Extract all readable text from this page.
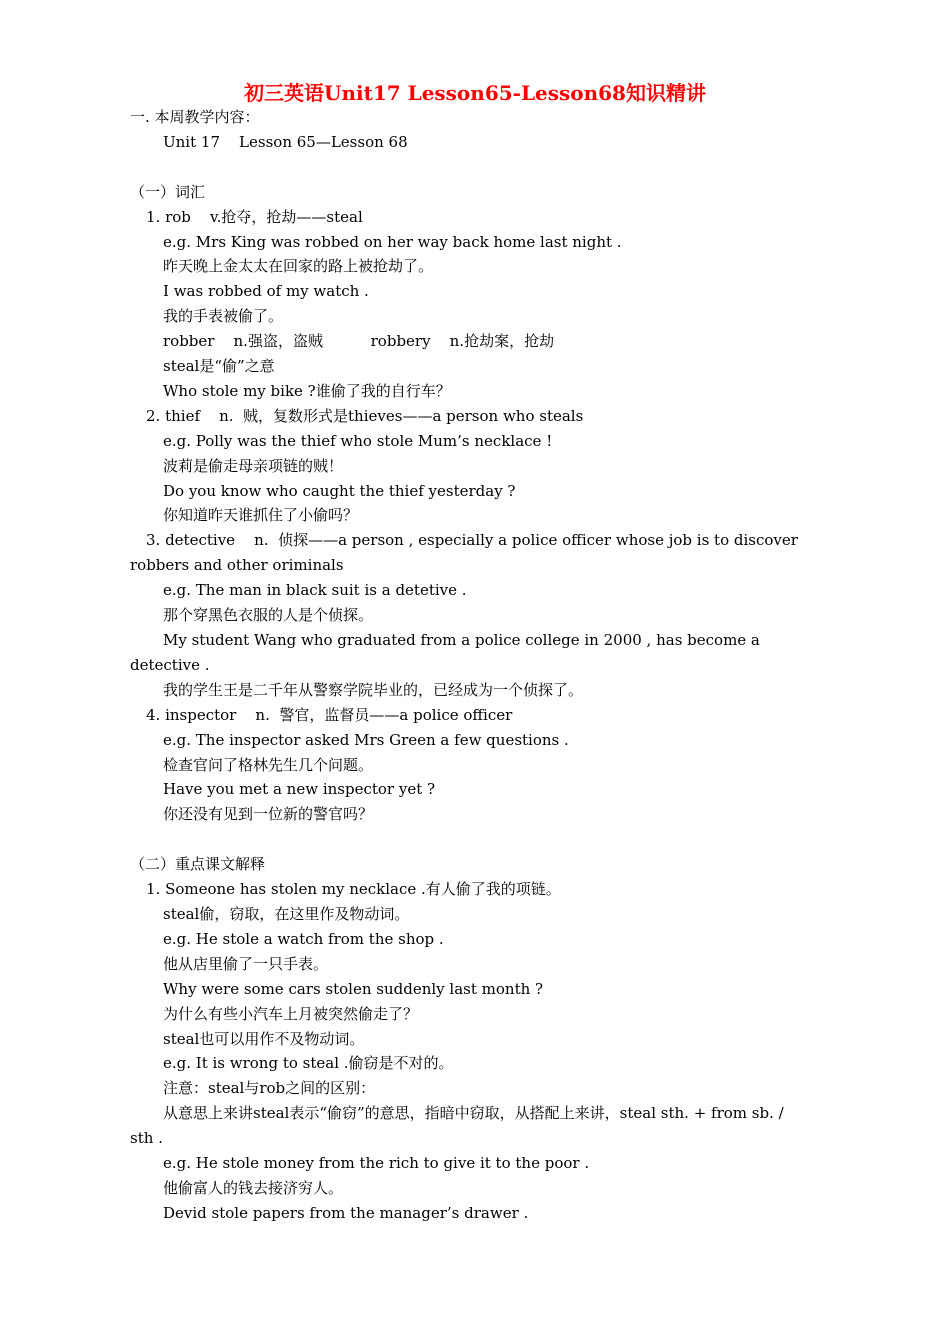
初三英语Unit17 Lesson65-Lesson68知识精讲
一. 本周教学内容：
Unit 17    Lesson 65—Lesson 68
（一）词汇
1. rob    v.抢夺，抢劫——steal
e.g. Mrs King was robbed on her way back home last night .
昨天晚上金太太在回家的路上被抢劫了。
I was robbed of my watch .
我的手表被偷了。
robber    n.强盗，盗贼          robbery    n.抢劫案，抢劫
steal是“偷”之意
Who stole my bike ?谁偷了我的自行车？
2. thief    n.  贼，复数形式是thieves——a person who steals
e.g. Polly was the thief who stole Mum’s necklace !
波莉是偷走母亲项链的贼！
Do you know who caught the thief yesterday ?
你知道昨天谁抓住了小偷吗？
3. detective    n.  侦探——a person , especially a police officer whose job is to discover robbers and other oriminals
e.g. The man in black suit is a detetive .
那个穿黑色衣服的人是个侦探。
My student Wang who graduated from a police college in 2000 , has become a detective .
我的学生王是二千年从警察学院毕业的，已经成为一个侦探了。
4. inspector    n.  警官，监督员——a police officer
e.g. The inspector asked Mrs Green a few questions .
检查官问了格林先生几个问题。
Have you met a new inspector yet ?
你还没有见到一位新的警官吗？
（二）重点课文解释
1. Someone has stolen my necklace .有人偷了我的项链。
steal偷，窃取，在这里作及物动词。
e.g. He stole a watch from the shop .
他从店里偷了一只手表。
Why were some cars stolen suddenly last month ?
为什么有些小汽车上月被突然偷走了？
steal也可以用作不及物动词。
e.g. It is wrong to steal .偷窃是不对的。
注意：steal与rob之间的区别：
从意思上来讲steal表示“偷窃”的意思，指暗中窃取，从搭配上来讲，steal sth. + from sb. / sth .
e.g. He stole money from the rich to give it to the poor .
他偷富人的钱去接济穷人。
Devid stole papers from the manager’s drawer .
